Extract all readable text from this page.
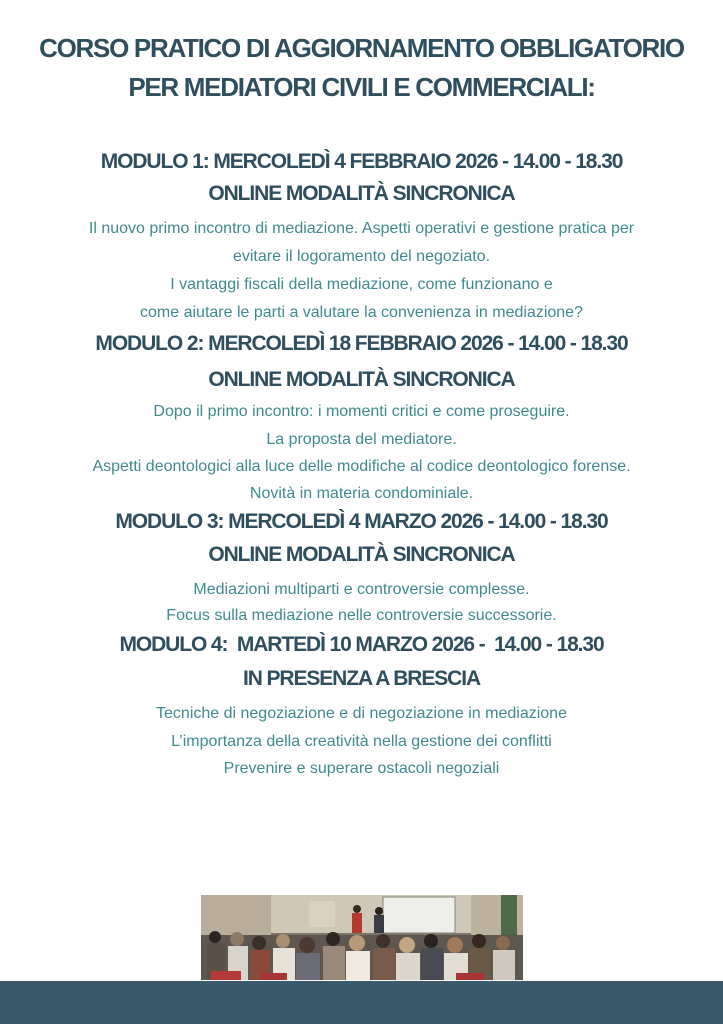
CORSO PRATICO DI AGGIORNAMENTO OBBLIGATORIO
PER MEDIATORI CIVILI E COMMERCIALI:
MODULO 1: MERCOLEDÌ 4 FEBBRAIO 2026 - 14.00 - 18.30
ONLINE MODALITÀ SINCRONICA

Il nuovo primo incontro di mediazione. Aspetti operativi e gestione pratica per

evitare il logoramento del negoziato.

I vantaggi fiscali della mediazione, come funzionano e

come aiutare le parti a valutare la convenienza in mediazione?

MODULO 2: MERCOLEDÌ 18 FEBBRAIO 2026 - 14.00 - 18.30
ONLINE MODALITÀ SINCRONICA

Dopo il primo incontro: i momenti critici e come proseguire.

La proposta del mediatore.

Aspetti deontologici alla luce delle modifiche al codice deontologico forense.

Novità in materia condominiale.

MODULO 3: MERCOLEDÌ 4 MARZO 2026 - 14.00 - 18.30
ONLINE MODALITÀ SINCRONICA

Mediazioni multiparti e controversie complesse.

Focus sulla mediazione nelle controversie successorie.

MODULO 4:  MARTEDÌ 10 MARZO 2026 -  14.00 - 18.30
IN PRESENZA A BRESCIA

Tecniche di negoziazione e di negoziazione in mediazione

L’importanza della creatività nella gestione dei conflitti

Prevenire e superare ostacoli negoziali
